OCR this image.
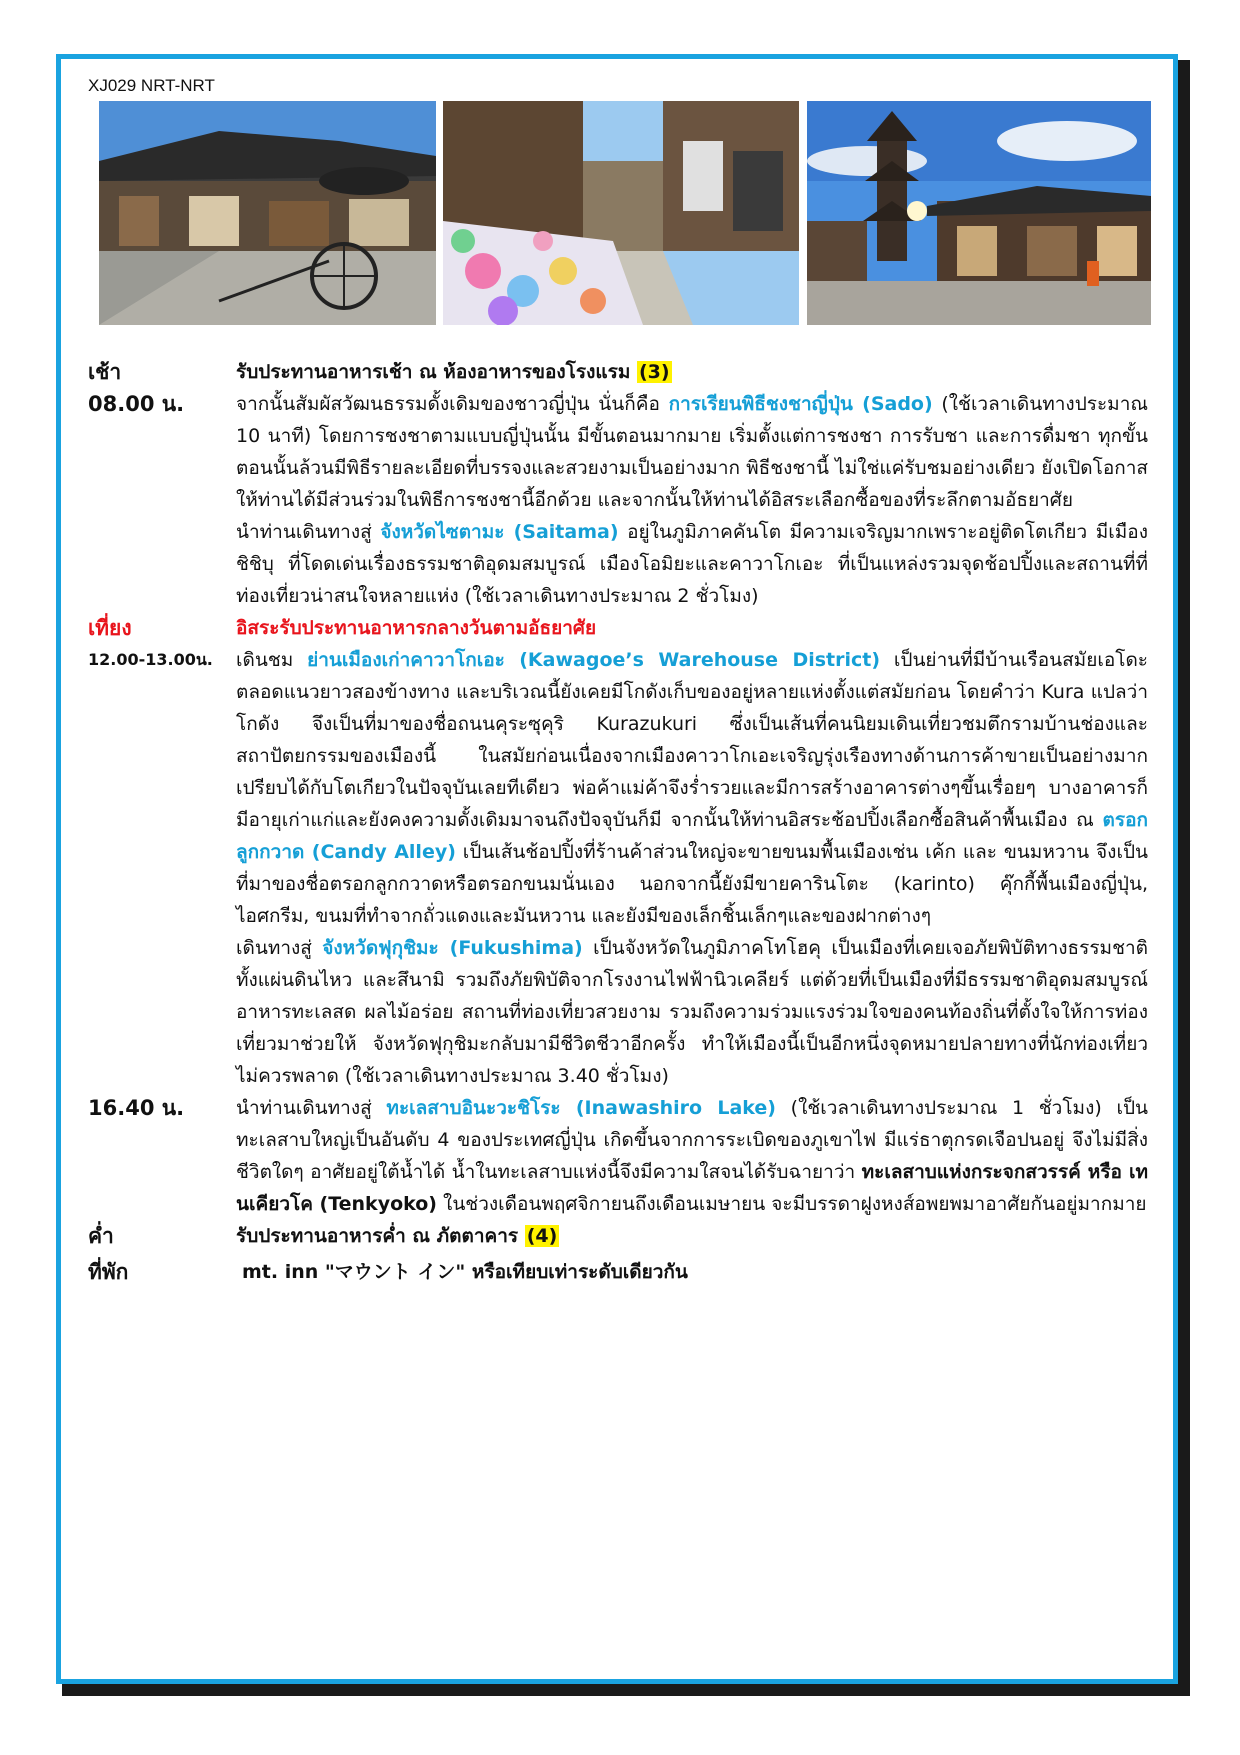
XJ029 NRT-NRT
เช้า	รับประทานอาหารเช้า ณ ห้องอาหารของโรงแรม (3)
08.00 น.	จากนั้นสัมผัสวัฒนธรรมดั้งเดิมของชาวญี่ปุ่น นั่นก็คือ การเรียนพิธีชงชาญี่ปุ่น (Sado) (ใช้เวลาเดินทางประมาณ 10 นาที) โดยการชงชาตามแบบญี่ปุ่นนั้น มีขั้นตอนมากมาย เริ่มตั้งแต่การชงชา การรับชา และการดื่มชา ทุกขั้นตอนนั้นล้วนมีพิธีรายละเอียดที่บรรจงและสวยงามเป็นอย่างมาก พิธีชงชานี้ ไม่ใช่แค่รับชมอย่างเดียว ยังเปิดโอกาสให้ท่านได้มีส่วนร่วมในพิธีการชงชานี้อีกด้วย และจากนั้นให้ท่านได้อิสระเลือกซื้อของที่ระลึกตามอัธยาศัย

นำท่านเดินทางสู่ จังหวัดไซตามะ (Saitama) อยู่ในภูมิภาคคันโต มีความเจริญมากเพราะอยู่ติดโตเกียว มีเมืองชิชิบุ ที่โดดเด่นเรื่องธรรมชาติอุดมสมบูรณ์ เมืองโอมิยะและคาวาโกเอะ ที่เป็นแหล่งรวมจุดช้อปปิ้งและสถานที่ที่ท่องเที่ยวน่าสนใจหลายแห่ง (ใช้เวลาเดินทางประมาณ 2 ชั่วโมง)

เที่ยง	อิสระรับประทานอาหารกลางวันตามอัธยาศัย
12.00-13.00น.	เดินชม ย่านเมืองเก่าคาวาโกเอะ (Kawagoe’s Warehouse District) เป็นย่านที่มีบ้านเรือนสมัยเอโดะตลอดแนวยาวสองข้างทาง และบริเวณนี้ยังเคยมีโกดังเก็บของอยู่หลายแห่งตั้งแต่สมัยก่อน โดยคำว่า Kura แปลว่า โกดัง จึงเป็นที่มาของชื่อถนนคุระซุคุริ Kurazukuri ซึ่งเป็นเส้นที่คนนิยมเดินเที่ยวชมตึกรามบ้านช่องและสถาปัตยกรรมของเมืองนี้ ในสมัยก่อนเนื่องจากเมืองคาวาโกเอะเจริญรุ่งเรืองทางด้านการค้าขายเป็นอย่างมากเปรียบได้กับโตเกียวในปัจจุบันเลยทีเดียว พ่อค้าแม่ค้าจึงร่ำรวยและมีการสร้างอาคารต่างๆขึ้นเรื่อยๆ บางอาคารก็มีอายุเก่าแก่และยังคงความดั้งเดิมมาจนถึงปัจจุบันก็มี จากนั้นให้ท่านอิสระช้อปปิ้งเลือกซื้อสินค้าพื้นเมือง ณ ตรอกลูกกวาด (Candy Alley) เป็นเส้นช้อปปิ้งที่ร้านค้าส่วนใหญ่จะขายขนมพื้นเมืองเช่น เค้ก และ ขนมหวาน จึงเป็นที่มาของชื่อตรอกลูกกวาดหรือตรอกขนมนั่นเอง นอกจากนี้ยังมีขายคารินโตะ (karinto) คุ๊กกี้พื้นเมืองญี่ปุ่น, ไอศกรีม, ขนมที่ทำจากถั่วแดงและมันหวาน และยังมีของเล็กชิ้นเล็กๆและของฝากต่างๆ

เดินทางสู่ จังหวัดฟุกุชิมะ (Fukushima) เป็นจังหวัดในภูมิภาคโทโฮคุ เป็นเมืองที่เคยเจอภัยพิบัติทางธรรมชาติ ทั้งแผ่นดินไหว และสึนามิ รวมถึงภัยพิบัติจากโรงงานไฟฟ้านิวเคลียร์ แต่ด้วยที่เป็นเมืองที่มีธรรมชาติอุดมสมบูรณ์ อาหารทะเลสด ผลไม้อร่อย สถานที่ท่องเที่ยวสวยงาม รวมถึงความร่วมแรงร่วมใจของคนท้องถิ่นที่ตั้งใจให้การท่องเที่ยวมาช่วยให้ จังหวัดฟุกุชิมะกลับมามีชีวิตชีวาอีกครั้ง ทำให้เมืองนี้เป็นอีกหนึ่งจุดหมายปลายทางที่นักท่องเที่ยวไม่ควรพลาด (ใช้เวลาเดินทางประมาณ 3.40 ชั่วโมง)

16.40 น.	นำท่านเดินทางสู่ ทะเลสาบอินะวะชิโระ (Inawashiro Lake) (ใช้เวลาเดินทางประมาณ 1 ชั่วโมง) เป็นทะเลสาบใหญ่เป็นอันดับ 4 ของประเทศญี่ปุ่น เกิดขึ้นจากการระเบิดของภูเขาไฟ มีแร่ธาตุกรดเจือปนอยู่ จึงไม่มีสิ่งชีวิตใดๆ อาศัยอยู่ใต้น้ำได้ น้ำในทะเลสาบแห่งนี้จึงมีความใสจนได้รับฉายาว่า ทะเลสาบแห่งกระจกสวรรค์ หรือ เทนเคียวโค (Tenkyoko) ในช่วงเดือนพฤศจิกายนถึงเดือนเมษายน จะมีบรรดาฝูงหงส์อพยพมาอาศัยกันอยู่มากมาย

ค่ำ	รับประทานอาหารค่ำ ณ ภัตตาคาร (4)
ที่พัก	mt. inn "マウント イン" หรือเทียบเท่าระดับเดียวกัน
